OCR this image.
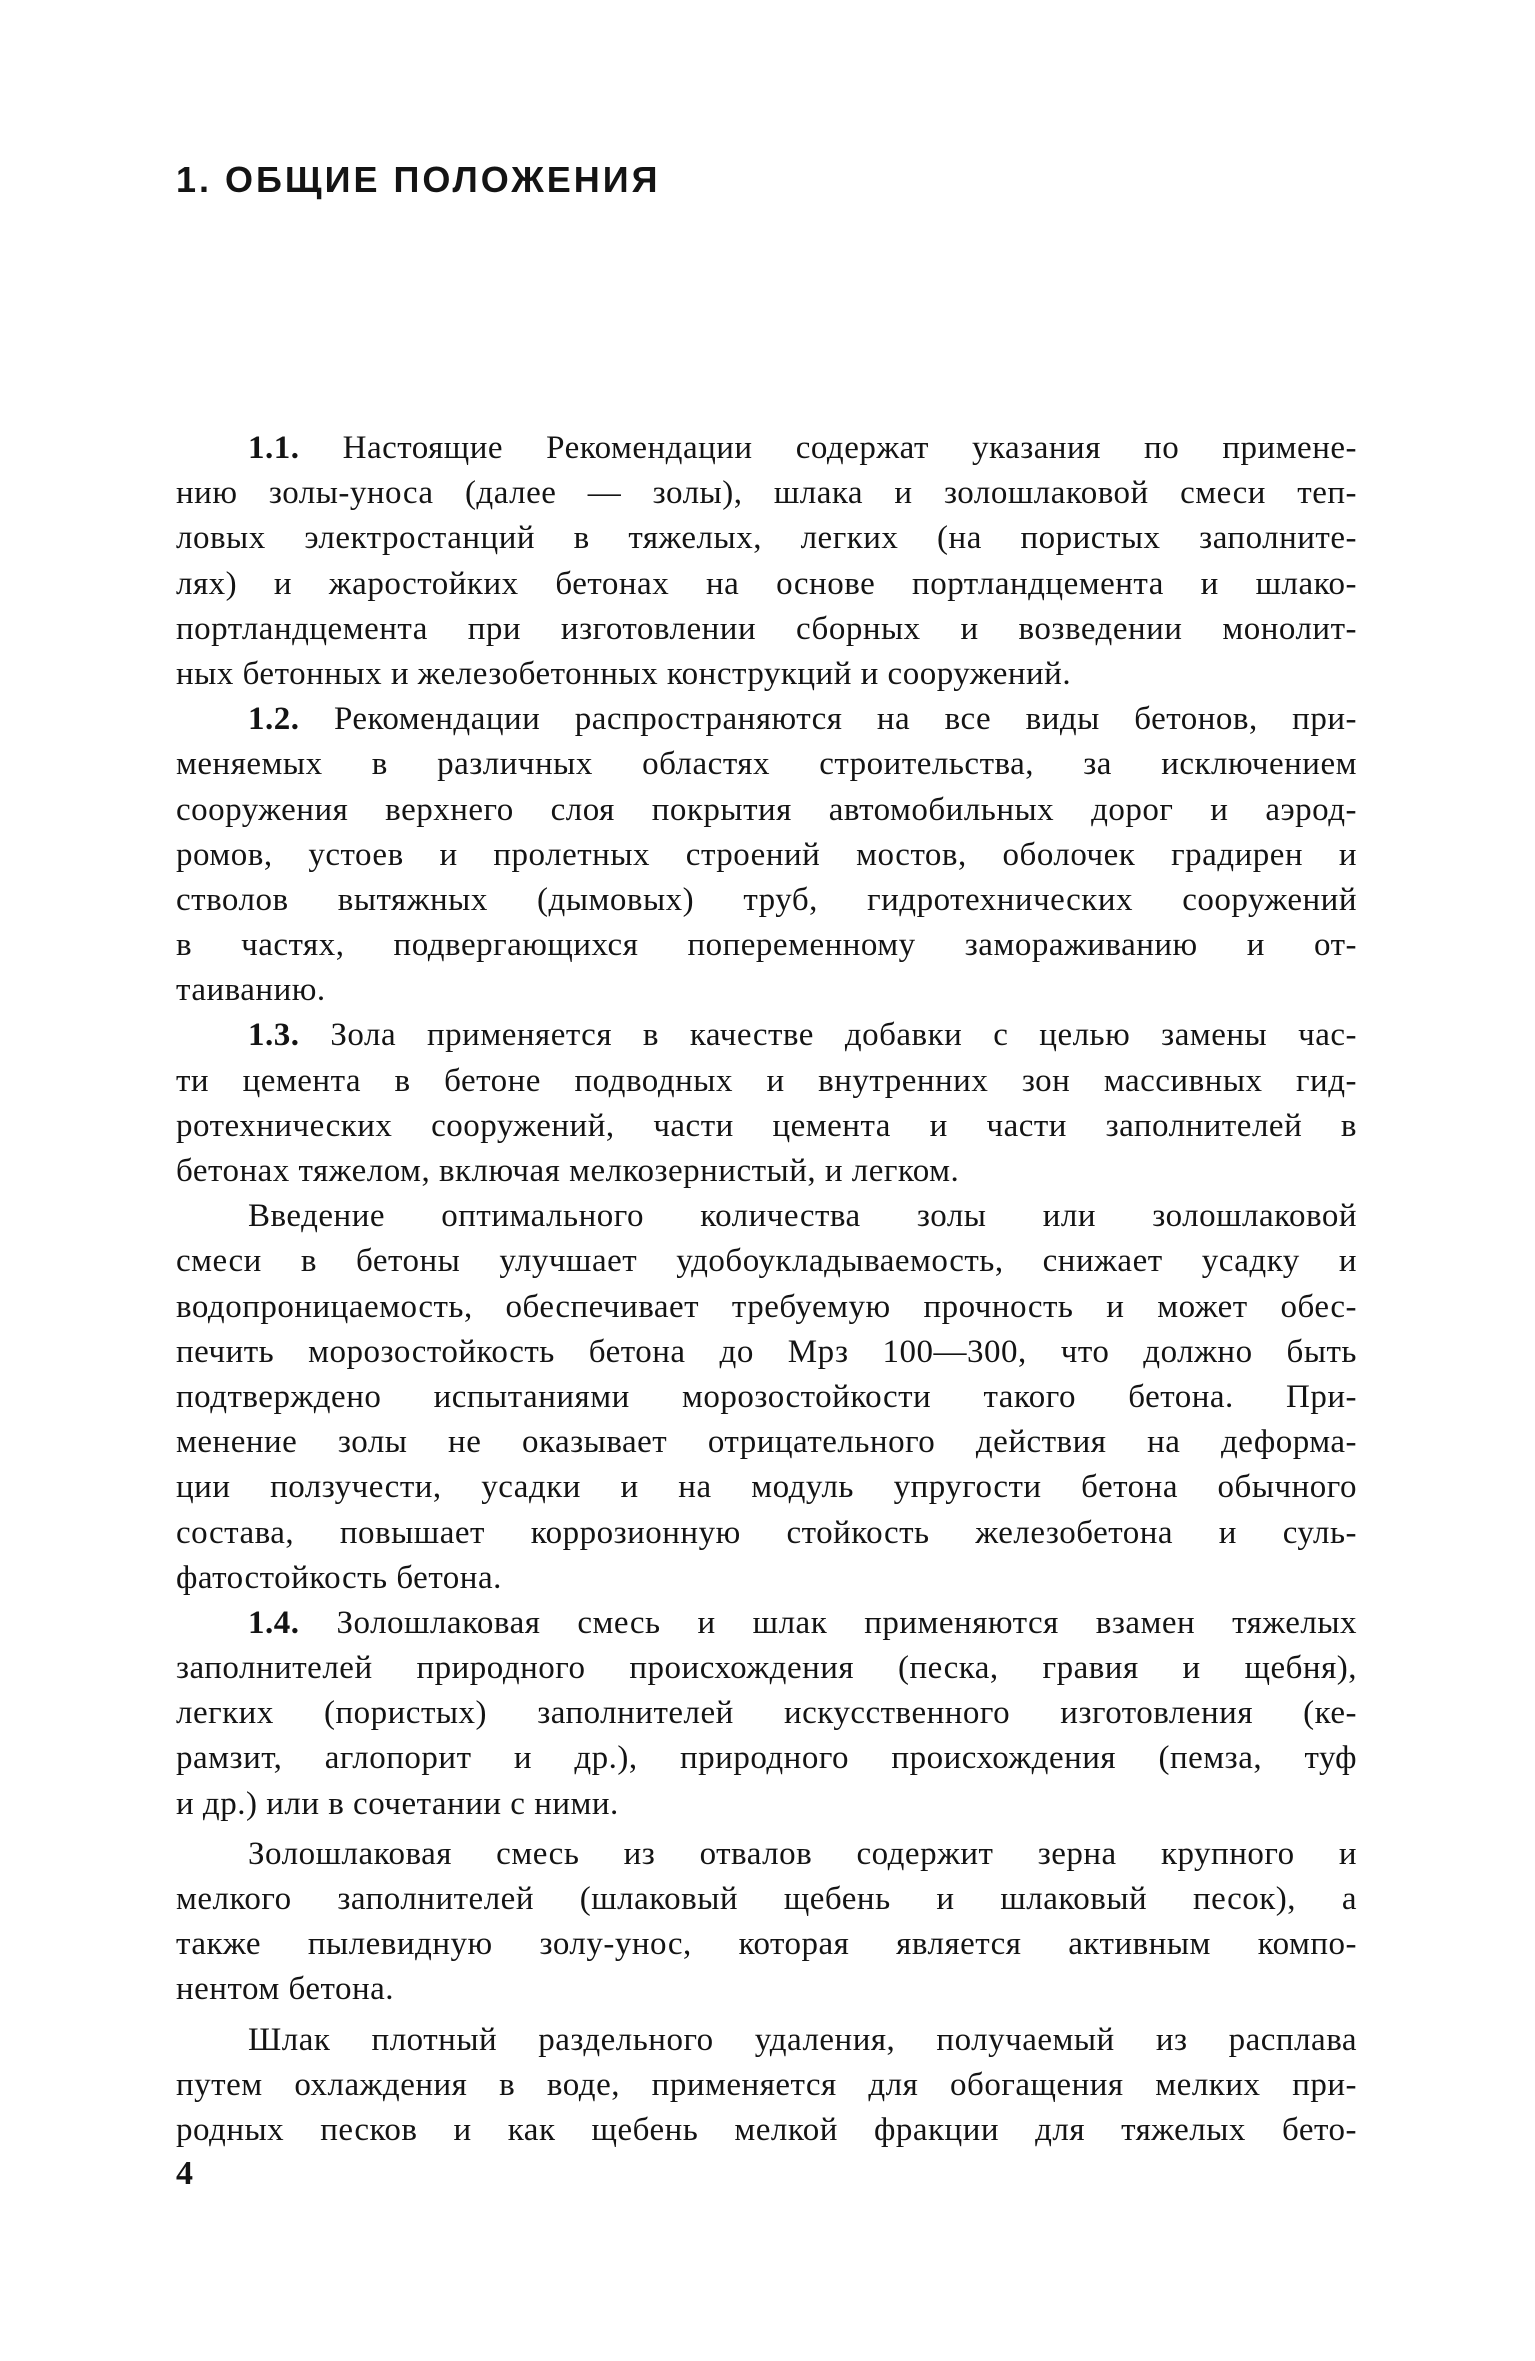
1. ОБЩИЕ ПОЛОЖЕНИЯ
1.1. Настоящие Рекомендации содержат указания по примене-
нию золы-уноса (далее — золы), шлака и золошлаковой смеси теп-
ловых электростанций в тяжелых, легких (на пористых заполните-
лях) и жаростойких бетонах на основе портландцемента и шлако-
портландцемента при изготовлении сборных и возведении монолит-
ных бетонных и железобетонных конструкций и сооружений.
1.2. Рекомендации распространяются на все виды бетонов, при-
меняемых в различных областях строительства, за исключением
сооружения верхнего слоя покрытия автомобильных дорог и аэрод-
ромов, устоев и пролетных строений мостов, оболочек градирен и
стволов вытяжных (дымовых) труб, гидротехнических сооружений
в частях, подвергающихся попеременному замораживанию и от-
таиванию.
1.3. Зола применяется в качестве добавки с целью замены час-
ти цемента в бетоне подводных и внутренних зон массивных гид-
ротехнических сооружений, части цемента и части заполнителей в
бетонах тяжелом, включая мелкозернистый, и легком.
Введение оптимального количества золы или золошлаковой
смеси в бетоны улучшает удобоукладываемость, снижает усадку и
водопроницаемость, обеспечивает требуемую прочность и может обес-
печить морозостойкость бетона до Мрз 100—300, что должно быть
подтверждено испытаниями морозостойкости такого бетона. При-
менение золы не оказывает отрицательного действия на деформа-
ции ползучести, усадки и на модуль упругости бетона обычного
состава, повышает коррозионную стойкость железобетона и суль-
фатостойкость бетона.
1.4. Золошлаковая смесь и шлак применяются взамен тяжелых
заполнителей природного происхождения (песка, гравия и щебня),
легких (пористых) заполнителей искусственного изготовления (ке-
рамзит, аглопорит и др.), природного происхождения (пемза, туф
и др.) или в сочетании с ними.
Золошлаковая смесь из отвалов содержит зерна крупного и
мелкого заполнителей (шлаковый щебень и шлаковый песок), а
также пылевидную золу-унос, которая является активным компо-
нентом бетона.
Шлак плотный раздельного удаления, получаемый из расплава
путем охлаждения в воде, применяется для обогащения мелких при-
родных песков и как щебень мелкой фракции для тяжелых бето-
4
